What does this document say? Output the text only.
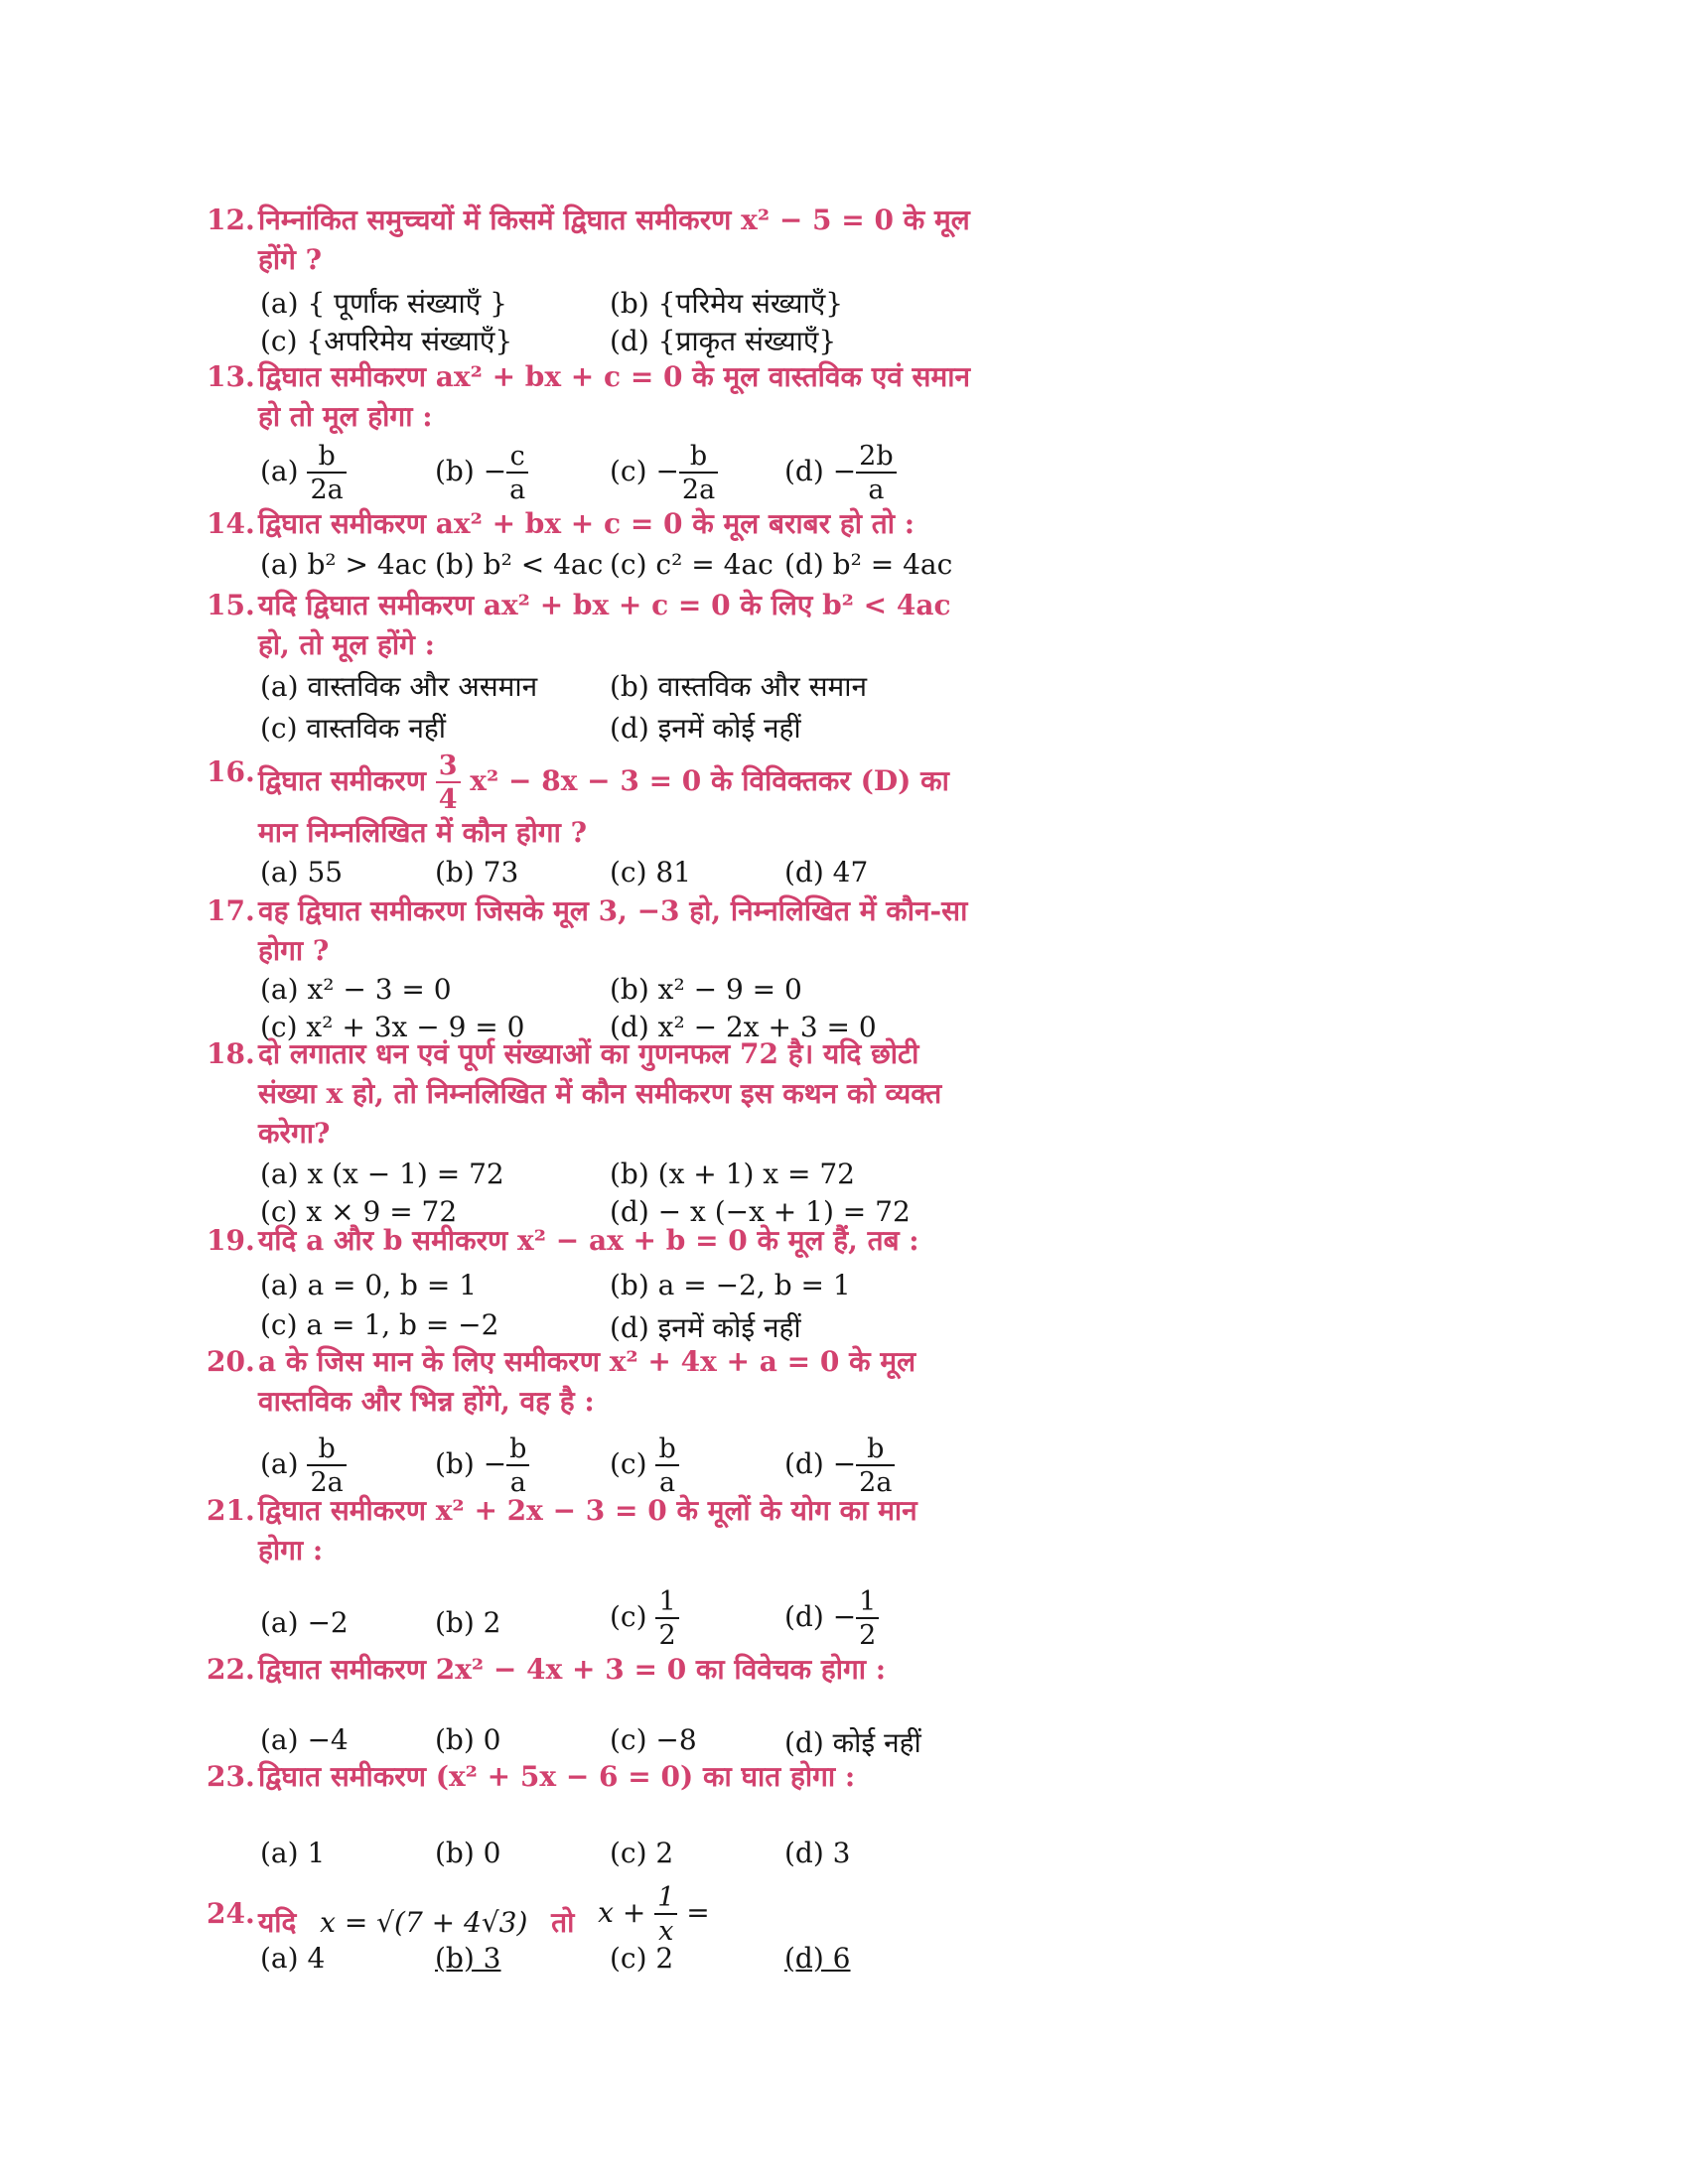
12. निम्नांकित समुच्चयों में किसमें द्विघात समीकरण x² − 5 = 0 के मूल होंगे ?
(a) { पूर्णांक संख्याएँ }	(b) {परिमेय संख्याएँ}
(c) {अपरिमेय संख्याएँ}	(d) {प्राकृत संख्याएँ}
13. द्विघात समीकरण ax² + bx + c = 0 के मूल वास्तविक एवं समान हो तो मूल होगा :
$(a) \frac{b}{2a}$	$(b) - \frac{c}{a}$	$(c) - \frac{b}{2a} (d) - \frac{2b}{a}$
14. द्विघात समीकरण ax² + bx + c = 0 के मूल बराबर हो तो :
(a) b² > 4ac (b) b² < 4ac (c) c² = 4ac (d) b² = 4ac
15. यदि द्विघात समीकरण ax² + bx + c = 0 के लिए b² < 4ac हो, तो मूल होंगे :
(a) वास्तविक और असमान	(b) वास्तविक और समान
(c) वास्तविक नहीं	(d) इनमें कोई नहीं
16. द्विघात समीकरण $\frac{3}{4} x^2 - 8x - 3 = 0$ के विविक्तकर (D) का मान निम्नलिखित में कौन होगा ?
(a) 55	(b) 73	(c) 81	(d) 47
17. वह द्विघात समीकरण जिसके मूल 3, −3 हो, निम्नलिखित में कौन-सा होगा ?
(a) x² − 3 = 0	(b) x² − 9 = 0
(c) x² + 3x − 9 = 0	(d) x² − 2x + 3 = 0
18. दो लगातार धन एवं पूर्ण संख्याओं का गुणनफल 72 है। यदि छोटी संख्या x हो, तो निम्नलिखित में कौन समीकरण इस कथन को व्यक्त करेगा?
(a) x (x − 1) = 72	(b) (x + 1) x = 72
(c) x × 9 = 72	(d) − x (−x + 1) = 72
19. यदि a और b समीकरण x² − ax + b = 0 के मूल हैं, तब :
(a) a = 0, b = 1	(b) a = −2, b = 1
(c) a = 1, b = −2	(d) इनमें कोई नहीं
20. a के जिस मान के लिए समीकरण x² + 4x + a = 0 के मूल वास्तविक और भिन्न होंगे, वह है :
$(a) \frac{b}{2a}$	$(b) - \frac{b}{a}$	$(c) \frac{b}{a}$	$(d) - \frac{b}{2a}$
21. द्विघात समीकरण x² + 2x − 3 = 0 के मूलों के योग का मान होगा :
(a) −2	(b) 2	$(c) \frac{1}{2}$	$(d) - \frac{1}{2}$
22. द्विघात समीकरण 2x² − 4x + 3 = 0 का विवेचक होगा :
(a) −4	(b) 0	(c) −8	(d) कोई नहीं
23. द्विघात समीकरण (x² + 5x − 6 = 0) का घात होगा :
(a) 1	(b) 0	(c) 2	(d) 3
24. यदि x = √(7 + 4√3) तो $x + \frac{1}{x}$ =
(a) 4	(b) 3	(c) 2	(d) 6
